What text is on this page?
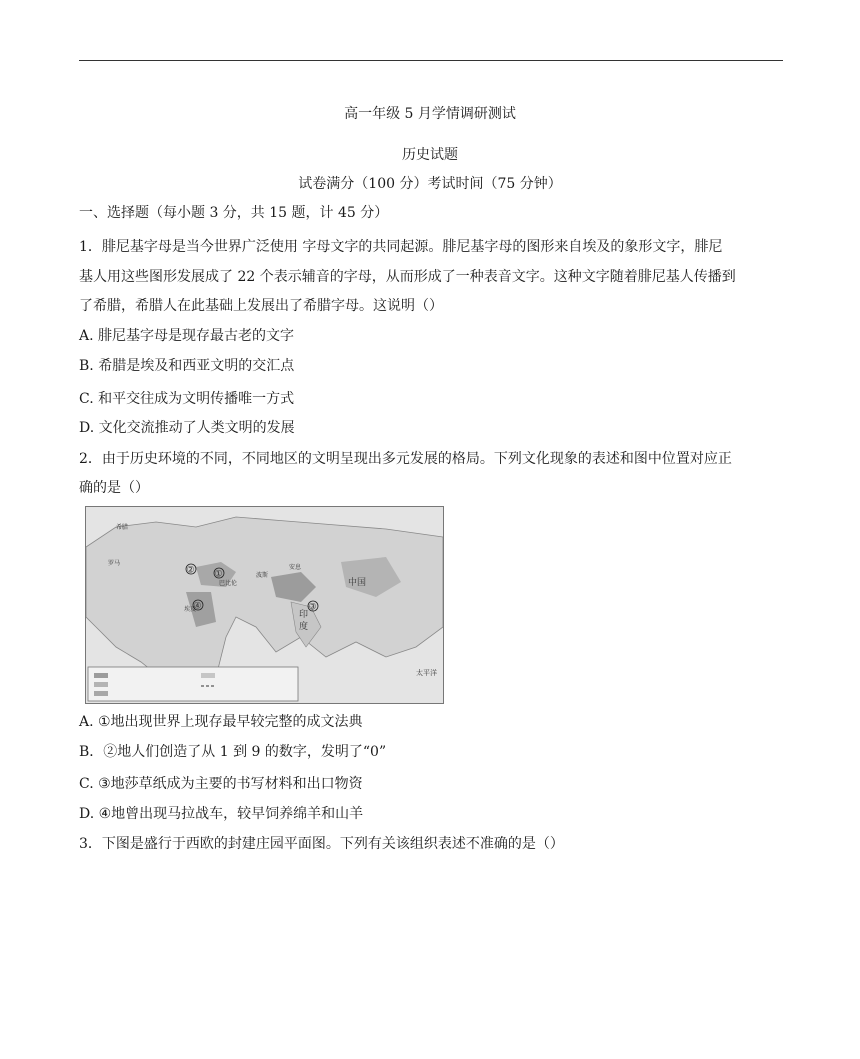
高一年级 5 月学情调研测试
历史试题
试卷满分（100 分）考试时间（75 分钟）
一、选择题（每小题 3 分，共 15 题，计 45 分）
1．腓尼基字母是当今世界广泛使用 字母文字的共同起源。腓尼基字母的图形来自埃及的象形文字，腓尼
基人用这些图形发展成了 22 个表示辅音的字母，从而形成了一种表音文字。这种文字随着腓尼基人传播到
了希腊，希腊人在此基础上发展出了希腊字母。这说明（）
A. 腓尼基字母是现存最古老的文字
B. 希腊是埃及和西亚文明的交汇点
C. 和平交往成为文明传播唯一方式
D. 文化交流推动了人类文明的发展
2．由于历史环境的不同，不同地区的文明呈现出多元发展的格局。下列文化现象的表述和图中位置对应正
确的是（）
中国
印
度
太平洋
希腊
罗马
埃及
巴比伦
波斯
安息
①
②
③
④
A. ①地出现世界上现存最早较完整的成文法典
B．②地人们创造了从 1 到 9 的数字，发明了“0”
C. ③地莎草纸成为主要的书写材料和出口物资
D. ④地曾出现马拉战车，较早饲养绵羊和山羊
3．下图是盛行于西欧的封建庄园平面图。下列有关该组织表述不准确的是（）
